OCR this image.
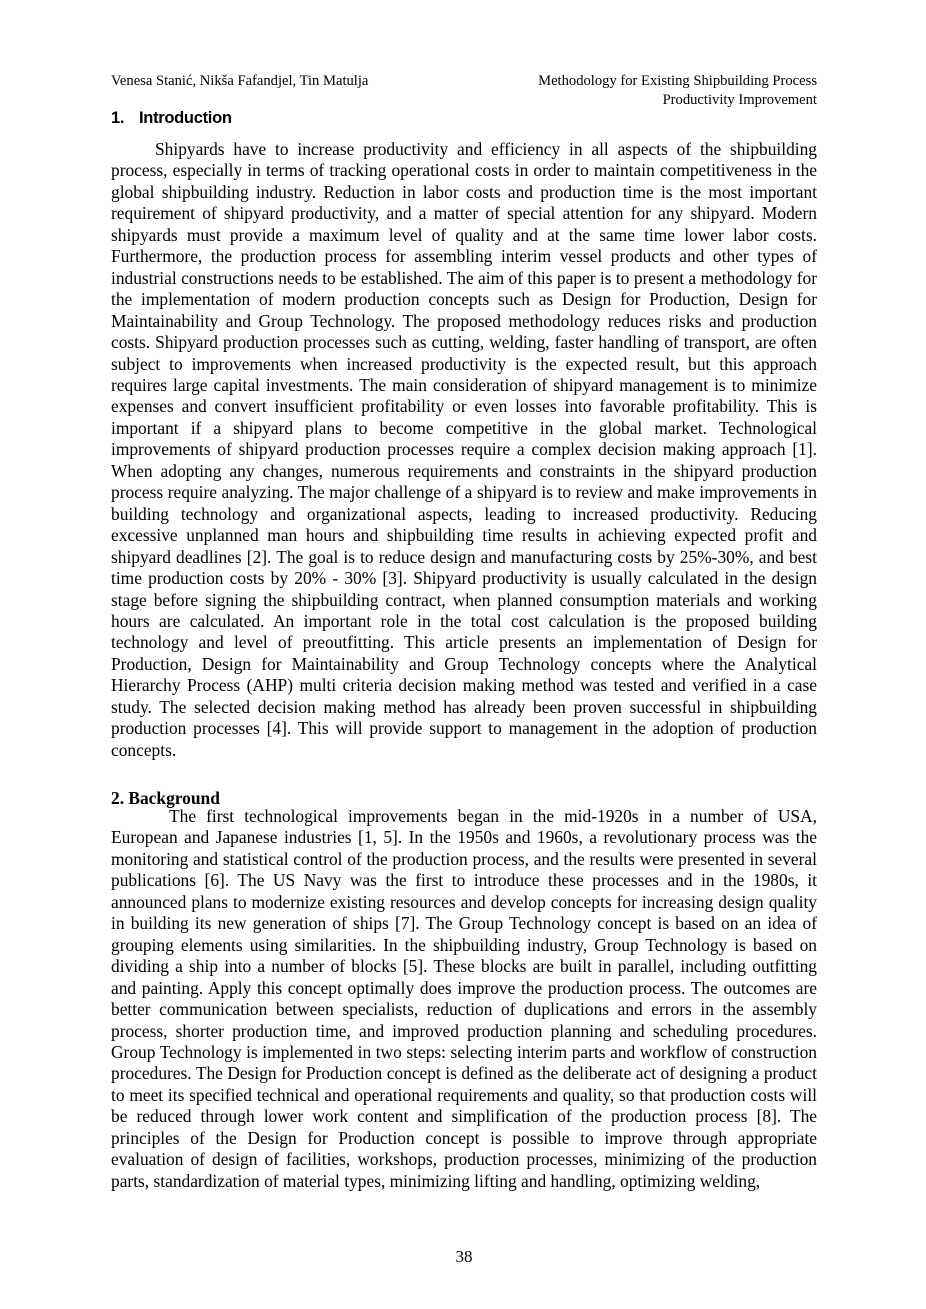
Venesa Stanić, Nikša Fafandjel, Tin Matulja	Methodology for Existing Shipbuilding Process Productivity Improvement
1. Introduction

Shipyards have to increase productivity and efficiency in all aspects of the shipbuilding process, especially in terms of tracking operational costs in order to maintain competitiveness in the global shipbuilding industry. Reduction in labor costs and production time is the most important requirement of shipyard productivity, and a matter of special attention for any shipyard. Modern shipyards must provide a maximum level of quality and at the same time lower labor costs. Furthermore, the production process for assembling interim vessel products and other types of industrial constructions needs to be established. The aim of this paper is to present a methodology for the implementation of modern production concepts such as Design for Production, Design for Maintainability and Group Technology. The proposed methodology reduces risks and production costs. Shipyard production processes such as cutting, welding, faster handling of transport, are often subject to improvements when increased productivity is the expected result, but this approach requires large capital investments. The main consideration of shipyard management is to minimize expenses and convert insufficient profitability or even losses into favorable profitability. This is important if a shipyard plans to become competitive in the global market. Technological improvements of shipyard production processes require a complex decision making approach [1]. When adopting any changes, numerous requirements and constraints in the shipyard production process require analyzing. The major challenge of a shipyard is to review and make improvements in building technology and organizational aspects, leading to increased productivity. Reducing excessive unplanned man hours and shipbuilding time results in achieving expected profit and shipyard deadlines [2]. The goal is to reduce design and manufacturing costs by 25%-30%, and best time production costs by 20% - 30% [3]. Shipyard productivity is usually calculated in the design stage before signing the shipbuilding contract, when planned consumption materials and working hours are calculated. An important role in the total cost calculation is the proposed building technology and level of preoutfitting. This article presents an implementation of Design for Production, Design for Maintainability and Group Technology concepts where the Analytical Hierarchy Process (AHP) multi criteria decision making method was tested and verified in a case study. The selected decision making method has already been proven successful in shipbuilding production processes [4]. This will provide support to management in the adoption of production concepts.

2. Background

The first technological improvements began in the mid-1920s in a number of USA, European and Japanese industries [1, 5]. In the 1950s and 1960s, a revolutionary process was the monitoring and statistical control of the production process, and the results were presented in several publications [6]. The US Navy was the first to introduce these processes and in the 1980s, it announced plans to modernize existing resources and develop concepts for increasing design quality in building its new generation of ships [7]. The Group Technology concept is based on an idea of grouping elements using similarities. In the shipbuilding industry, Group Technology is based on dividing a ship into a number of blocks [5]. These blocks are built in parallel, including outfitting and painting. Apply this concept optimally does improve the production process. The outcomes are better communication between specialists, reduction of duplications and errors in the assembly process, shorter production time, and improved production planning and scheduling procedures. Group Technology is implemented in two steps: selecting interim parts and workflow of construction procedures. The Design for Production concept is defined as the deliberate act of designing a product to meet its specified technical and operational requirements and quality, so that production costs will be reduced through lower work content and simplification of the production process [8]. The principles of the Design for Production concept is possible to improve through appropriate evaluation of design of facilities, workshops, production processes, minimizing of the production parts, standardization of material types, minimizing lifting and handling, optimizing welding,

38
